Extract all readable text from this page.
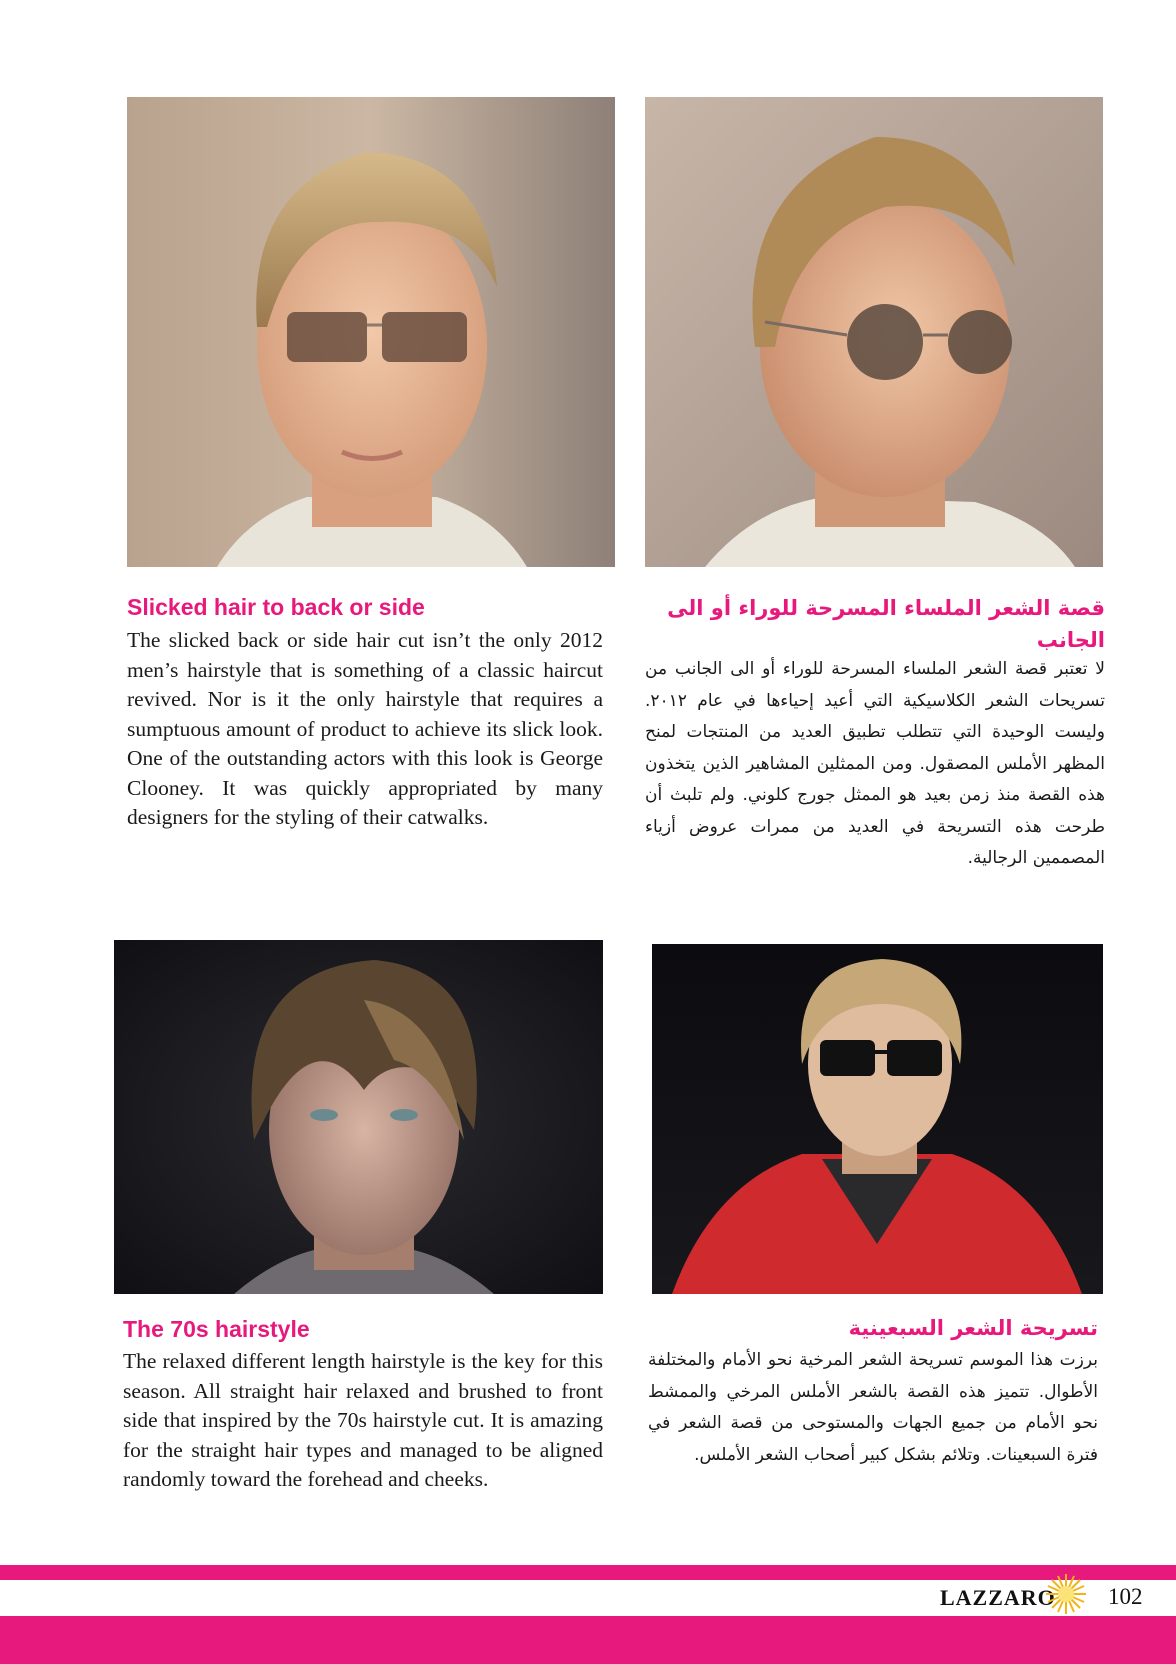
Slicked hair to back or side

The slicked back or side hair cut isn’t the only 2012 men’s hairstyle that is something of a classic haircut revived. Nor is it the only hairstyle that requires a sumptuous amount of product to achieve its slick look. One of the outstanding actors with this look is George Clooney. It was quickly appropriated by many designers for the styling of their catwalks.

قصة الشعر الملساء المسرحة للوراء أو الى الجانب

لا تعتبر قصة الشعر الملساء المسرحة للوراء أو الى الجانب من تسريحات الشعر الكلاسيكية التي أعيد إحياءها في عام ٢٠١٢. وليست الوحيدة التي تتطلب تطبيق العديد من المنتجات لمنح المظهر الأملس المصقول. ومن الممثلين المشاهير الذين يتخذون هذه القصة منذ زمن بعيد هو الممثل جورج كلوني. ولم تلبث أن طرحت هذه التسريحة في العديد من ممرات عروض أزياء المصممين الرجالية.

The 70s hairstyle

The relaxed different length hairstyle is the key for this season. All straight hair relaxed and brushed to front side that inspired by the 70s hairstyle cut. It is amazing for the straight hair types and managed to be aligned randomly toward the forehead and cheeks.

تسريحة الشعر السبعينية

برزت هذا الموسم تسريحة الشعر المرخية نحو الأمام والمختلفة الأطوال. تتميز هذه القصة بالشعر الأملس المرخي والممشط نحو الأمام من جميع الجهات والمستوحى من قصة الشعر في فترة السبعينات. وتلائم بشكل كبير أصحاب الشعر الأملس.

LAZZARO 102
